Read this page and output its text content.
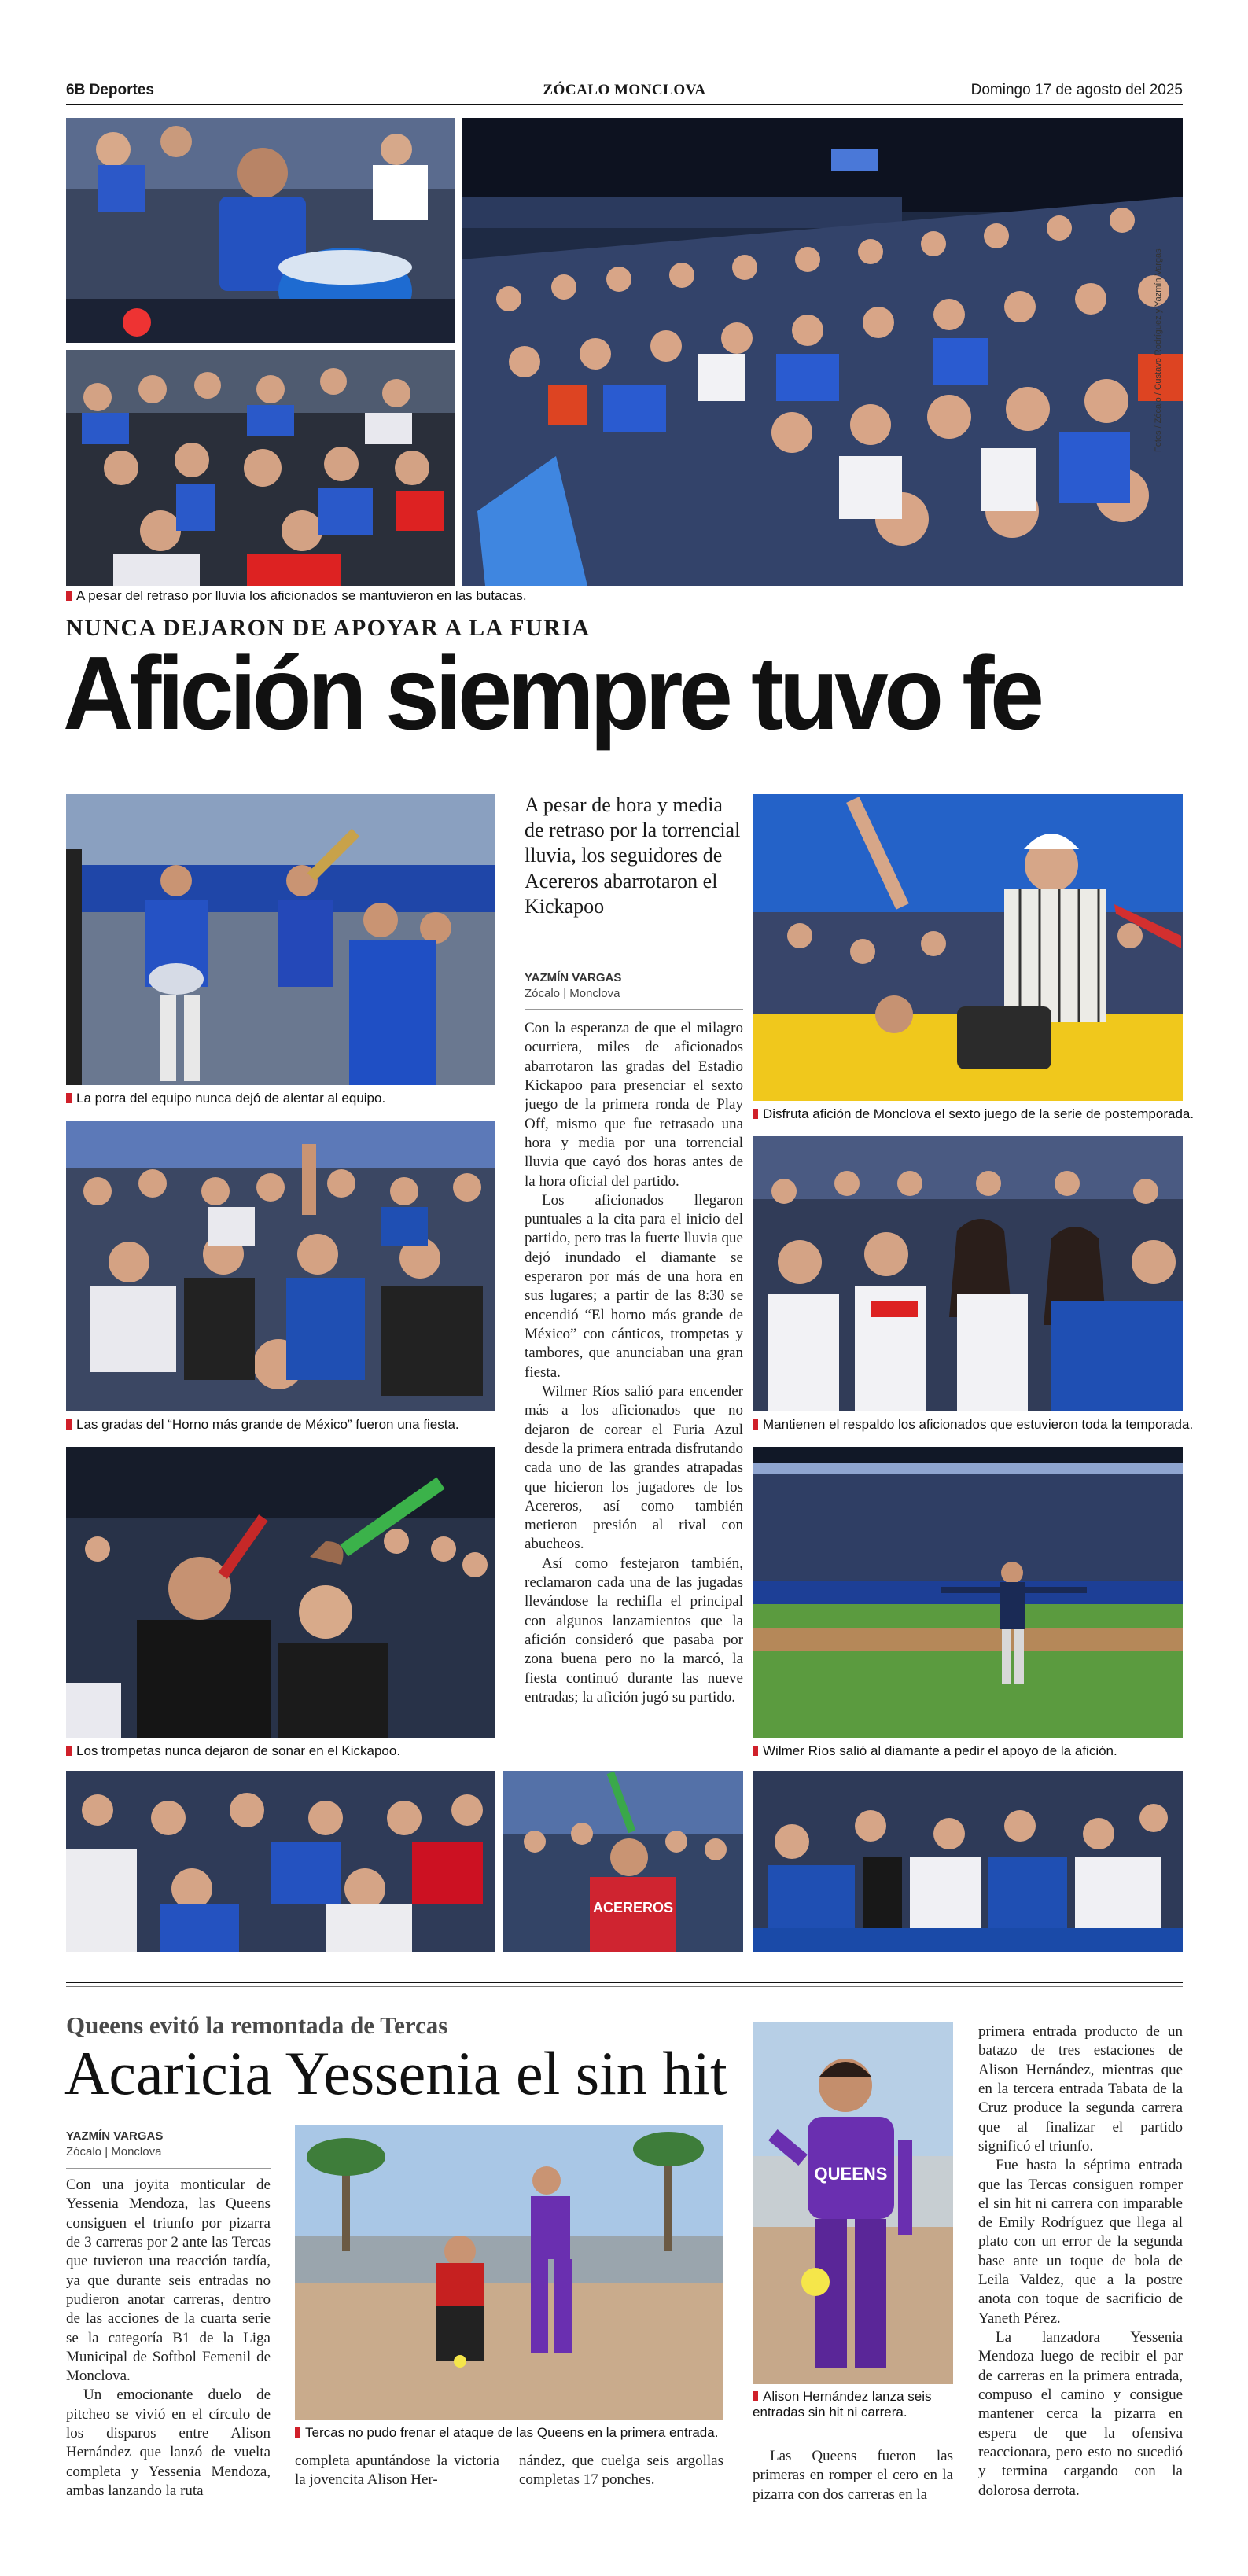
6B Deportes	ZÓCALO MONCLOVA	Domingo 17 de agosto del 2025
Fotos / Zócalo / Gustavo Rodríguez y Yazmín Vargas
A pesar del retraso por lluvia los aficionados se mantuvieron en las butacas.
NUNCA DEJARON DE APOYAR A LA FURIA
Afición siempre tuvo fe
La porra del equipo nunca dejó de alentar al equipo.
Las gradas del “Horno más grande de México” fueron una fiesta.
Los trompetas nunca dejaron de sonar en el Kickapoo.
A pesar de hora y media de retraso por la torrencial lluvia, los seguidores de Acereros abarrotaron el Kickapoo
YAZMÍN VARGAS
Zócalo | Monclova

Con la esperanza de que el milagro ocurriera, miles de aficionados abarrotaron las gradas del Estadio Kickapoo para presenciar el sexto juego de la primera ronda de Play Off, mismo que fue retrasado una hora y media por una torrencial lluvia que cayó dos horas antes de la hora oficial del partido.

Los aficionados llegaron puntuales a la cita para el inicio del partido, pero tras la fuerte lluvia que dejó inundado el diamante se esperaron por más de una hora en sus lugares; a partir de las 8:30 se encendió “El horno más grande de México” con cánticos, trompetas y tambores, que anunciaban una gran fiesta.

Wilmer Ríos salió para encender más a los aficionados que no dejaron de corear el Furia Azul desde la primera entrada disfrutando cada uno de las grandes atrapadas que hicieron los jugadores de los Acereros, así como también metieron presión al rival con abucheos.

Así como festejaron también, reclamaron cada una de las jugadas llevándose la rechifla el principal con algunos lanzamientos que la afición consideró que pasaba por zona buena pero no la marcó, la fiesta continuó durante las nueve entradas; la afición jugó su partido.

Disfruta afición de Monclova el sexto juego de la serie de postemporada.
Mantienen el respaldo los aficionados que estuvieron toda la temporada.
Wilmer Ríos salió al diamante a pedir el apoyo de la afición.
ACEREROS
Queens evitó la remontada de Tercas
Acaricia Yessenia el sin hit
YAZMÍN VARGAS
Zócalo | Monclova

Con una joyita monticular de Yessenia Mendoza, las Queens consiguen el triunfo por pizarra de 3 carreras por 2 ante las Tercas que tuvieron una reacción tardía, ya que durante seis entradas no pudieron anotar carreras, dentro de las acciones de la cuarta serie se la categoría B1 de la Liga Municipal de Softbol Femenil de Monclova.

Un emocionante duelo de pitcheo se vivió en el círculo de los disparos entre Alison Hernández que lanzó de vuelta completa y Yessenia Mendoza, ambas lanzando la ruta

Tercas no pudo frenar el ataque de las Queens en la primera entrada.

completa apuntándose la victoria la jovencita Alison Her-

nández, que cuelga seis argollas completas 17 ponches.

QUEENS
Alison Hernández lanza seis entradas sin hit ni carrera.

Las Queens fueron las primeras en romper el cero en la pizarra con dos carreras en la

primera entrada producto de un batazo de tres estaciones de Alison Hernández, mientras que en la tercera entrada Tabata de la Cruz produce la segunda carrera que al finalizar el partido significó el triunfo.

Fue hasta la séptima entrada que las Tercas consiguen romper el sin hit ni carrera con imparable de Emily Rodríguez que llega al plato con un error de la segunda base ante un toque de bola de Leila Valdez, que a la postre anota con toque de sacrificio de Yaneth Pérez.

La lanzadora Yessenia Mendoza luego de recibir el par de carreras en la primera entrada, compuso el camino y consigue mantener cerca la pizarra en espera de que la ofensiva reaccionara, pero esto no sucedió y termina cargando con la dolorosa derrota.
